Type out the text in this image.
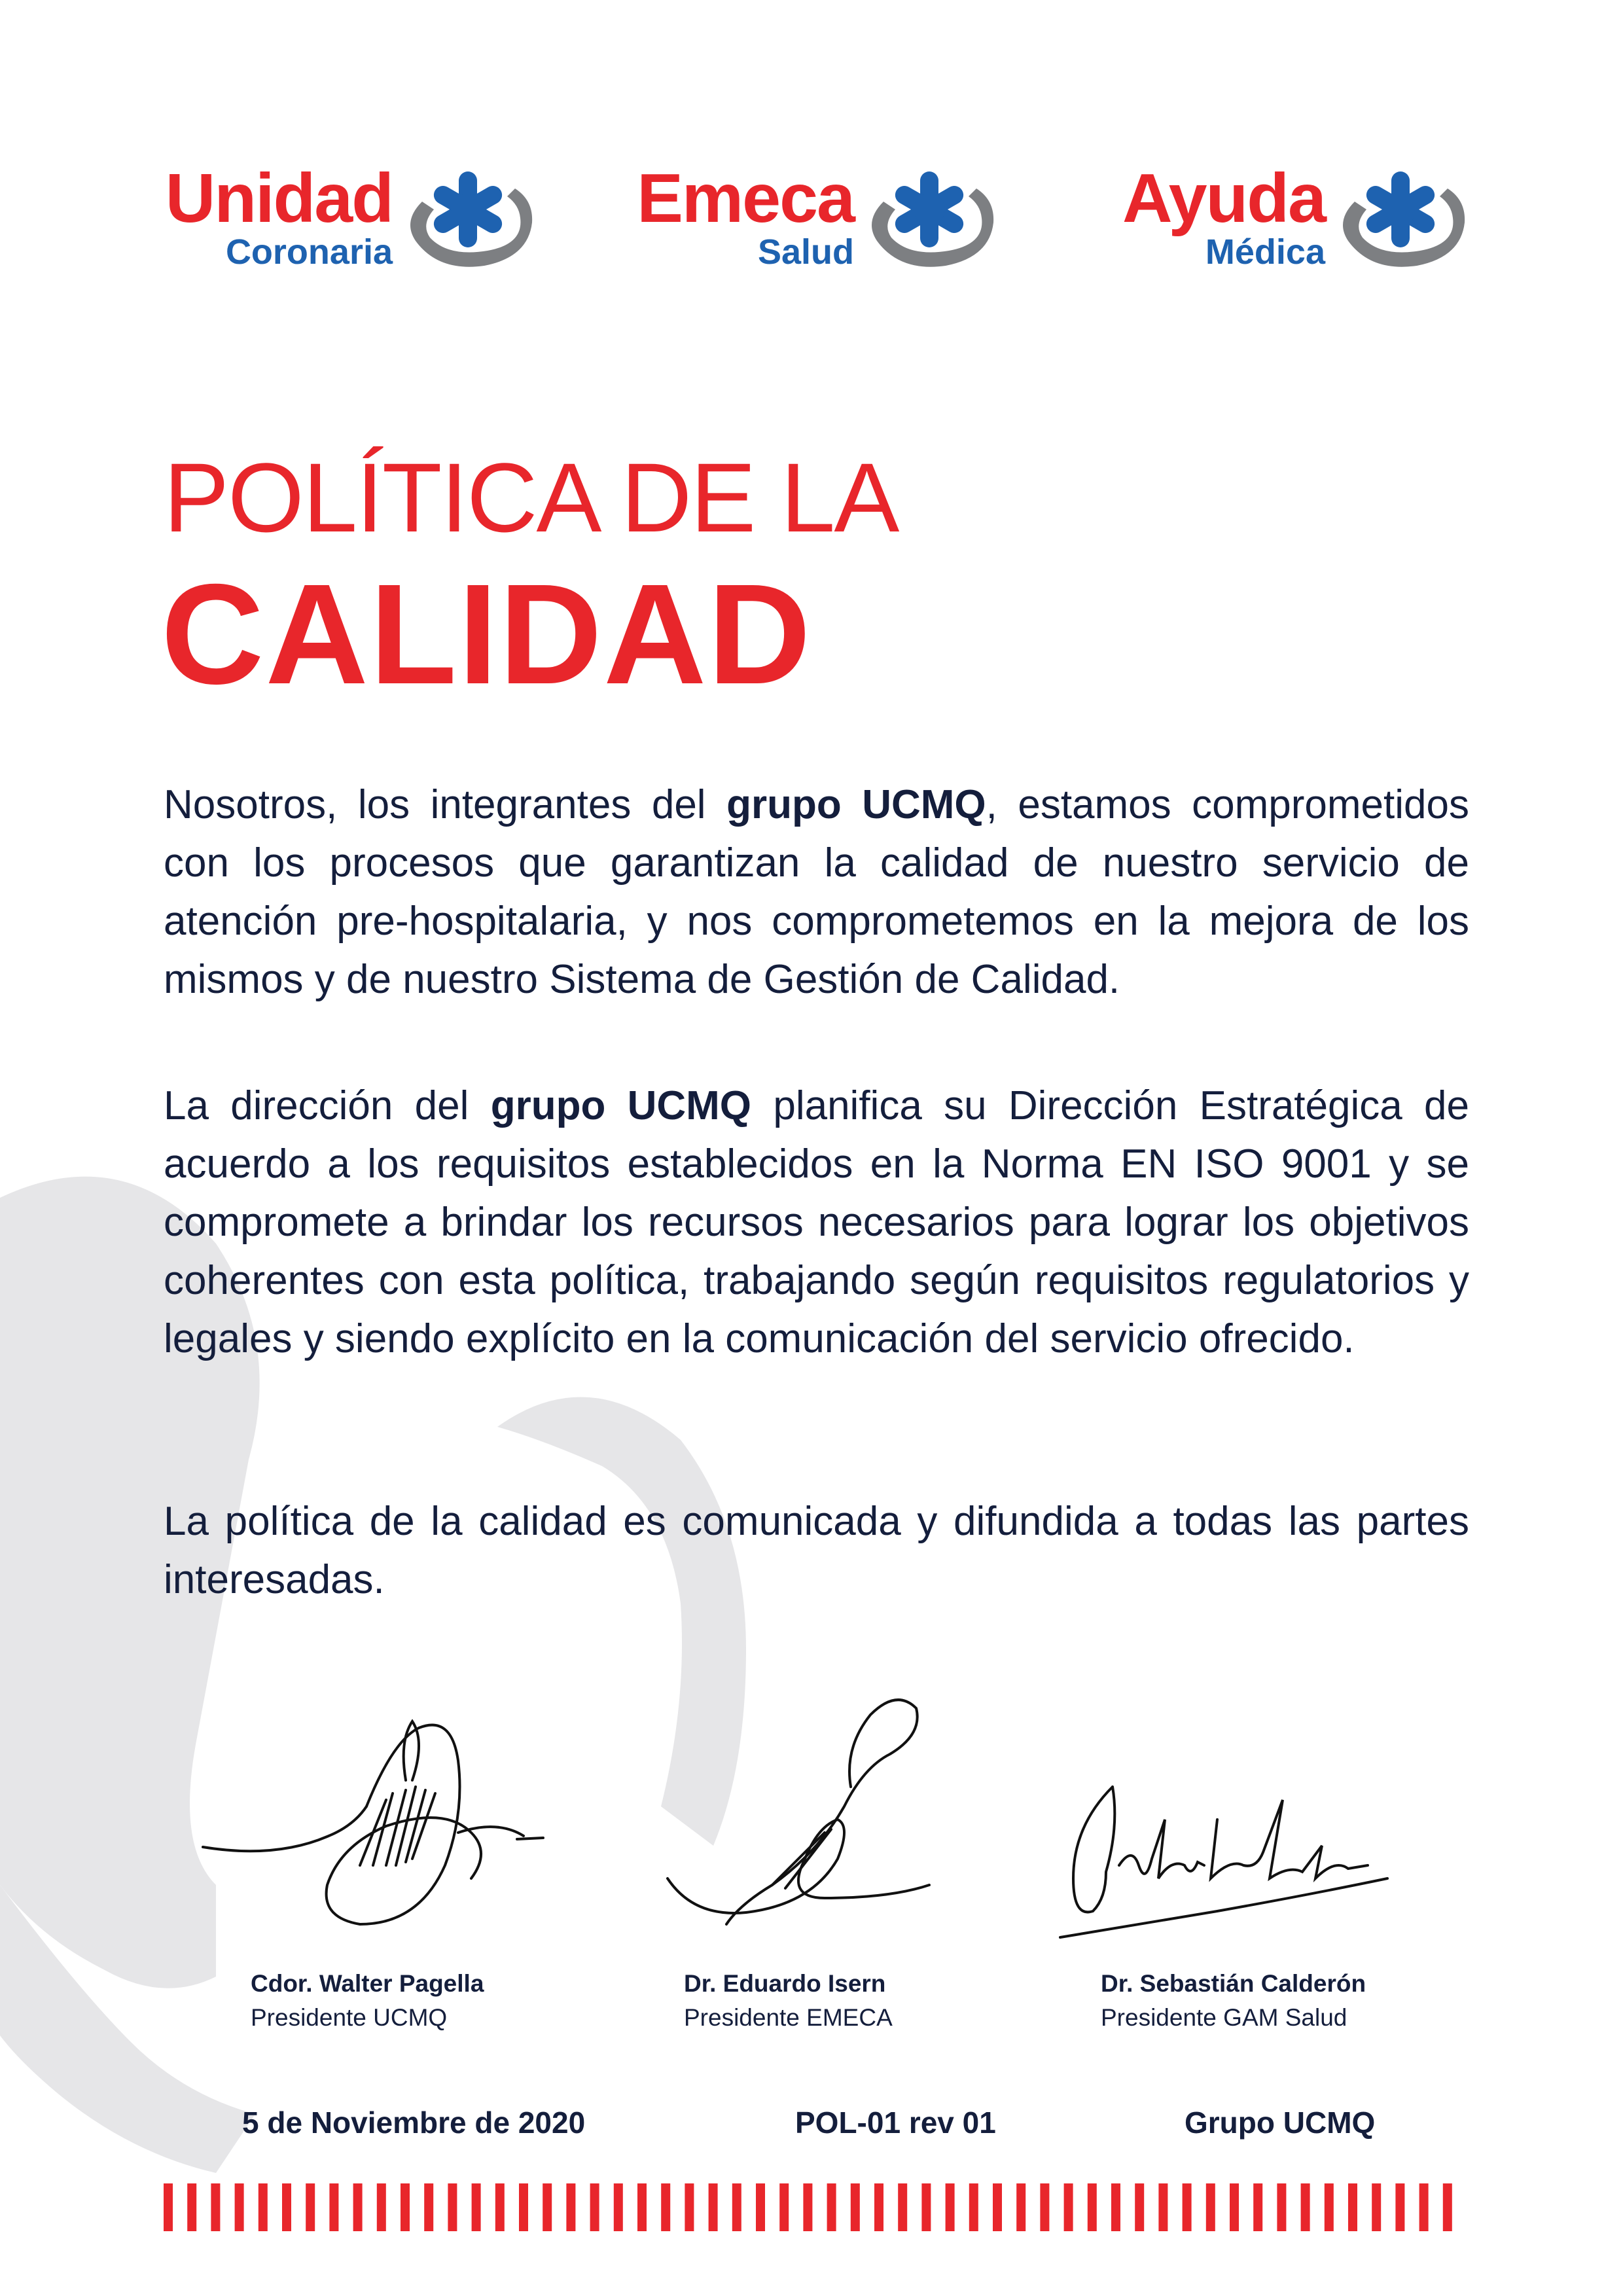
Unidad
Coronaria
Emeca
Salud
Ayuda
Médica
POLÍTICA DE LA
CALIDAD
Nosotros, los integrantes del grupo UCMQ, estamos comprometidos con los procesos que garantizan la calidad de nuestro servicio de atención pre-hospitalaria, y nos comprometemos en la mejora de los mismos y de nuestro Sistema de Gestión de Calidad.
La dirección del grupo UCMQ planifica su Dirección Estratégica de acuerdo a los requisitos establecidos en la Norma EN ISO 9001 y se compromete a brindar los recursos necesarios para lograr los objetivos coherentes con esta política, trabajando según requisitos regulatorios y legales y siendo explícito en la comunicación del servicio ofrecido.
La política de la calidad es comunicada y difundida a todas las partes interesadas.
Cdor. Walter Pagella
Presidente UCMQ
Dr. Eduardo Isern
Presidente EMECA
Dr. Sebastián Calderón
Presidente GAM Salud
5 de Noviembre de 2020	POL-01 rev 01	Grupo UCMQ
